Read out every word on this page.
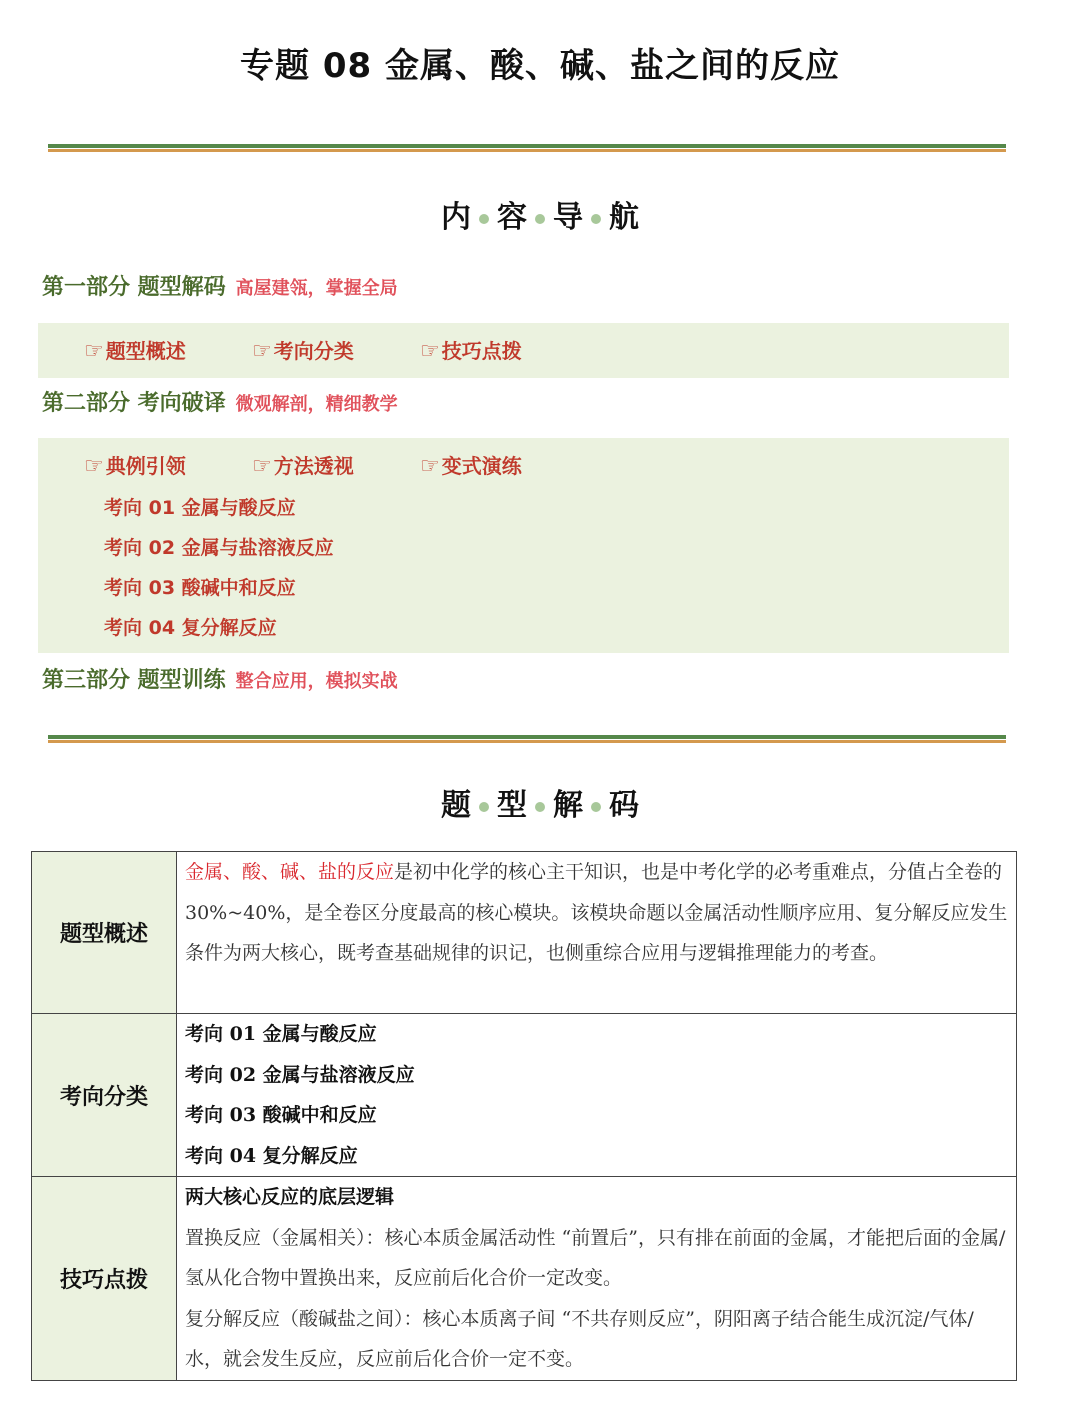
专题 08 金属、酸、碱、盐之间的反应
内 容 导 航
第一部分 题型解码 高屋建瓴，掌握全局
☞ 题型概述	☞ 考向分类	☞ 技巧点拨
第二部分 考向破译 微观解剖，精细教学
☞ 典例引领	☞ 方法透视	☞ 变式演练
考向 01 金属与酸反应
考向 02 金属与盐溶液反应
考向 03 酸碱中和反应
考向 04 复分解反应
第三部分 题型训练 整合应用，模拟实战
题 型 解 码
题型概述	金属、酸、碱、盐的反应是初中化学的核心主干知识，也是中考化学的必考重难点，分值占全卷的 30%~40%，是全卷区分度最高的核心模块。该模块命题以金属活动性顺序应用、复分解反应发生条件为两大核心，既考查基础规律的识记，也侧重综合应用与逻辑推理能力的考查。
考向分类	考向 01 金属与酸反应
考向 02 金属与盐溶液反应
考向 03 酸碱中和反应
考向 04 复分解反应

技巧点拨	两大核心反应的底层逻辑
置换反应（金属相关）：核心本质金属活动性 “前置后”，只有排在前面的金属，才能把后面的金属/氢从化合物中置换出来，反应前后化合价一定改变。
复分解反应（酸碱盐之间）：核心本质离子间 “不共存则反应”，阴阳离子结合能生成沉淀/气体/水，就会发生反应，反应前后化合价一定不变。
